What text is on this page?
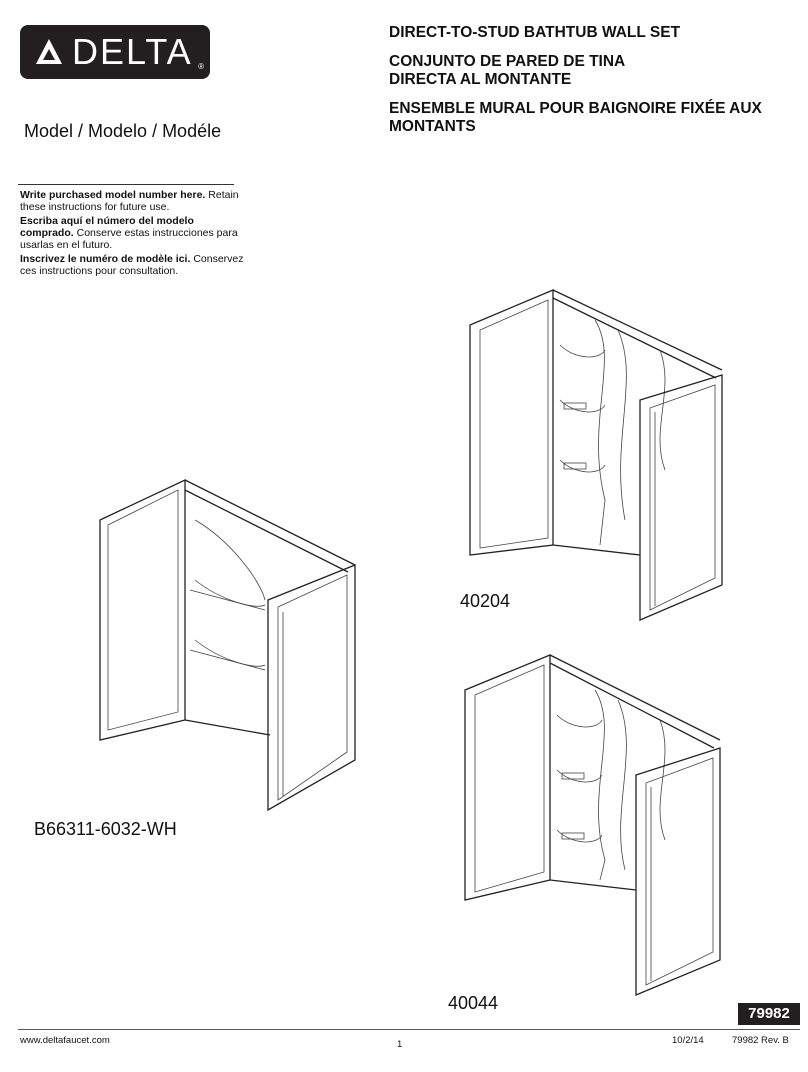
DELTA ®
DIRECT-TO-STUD BATHTUB WALL SET
CONJUNTO DE PARED DE TINA
DIRECTA AL MONTANTE
ENSEMBLE MURAL POUR BAIGNOIRE FIXÉE AUX
MONTANTS
Model / Modelo / Modéle

Write purchased model number here. Retain these instructions for future use.

Escriba aquí el número del modelo comprado. Conserve estas instrucciones para usarlas en el futuro.

Inscrivez le numéro de modèle ici. Conservez ces instructions pour consultation.

40204
B66311-6032-WH
40044
79982
www.deltafaucet.com	1	10/2/14	79982 Rev. B
